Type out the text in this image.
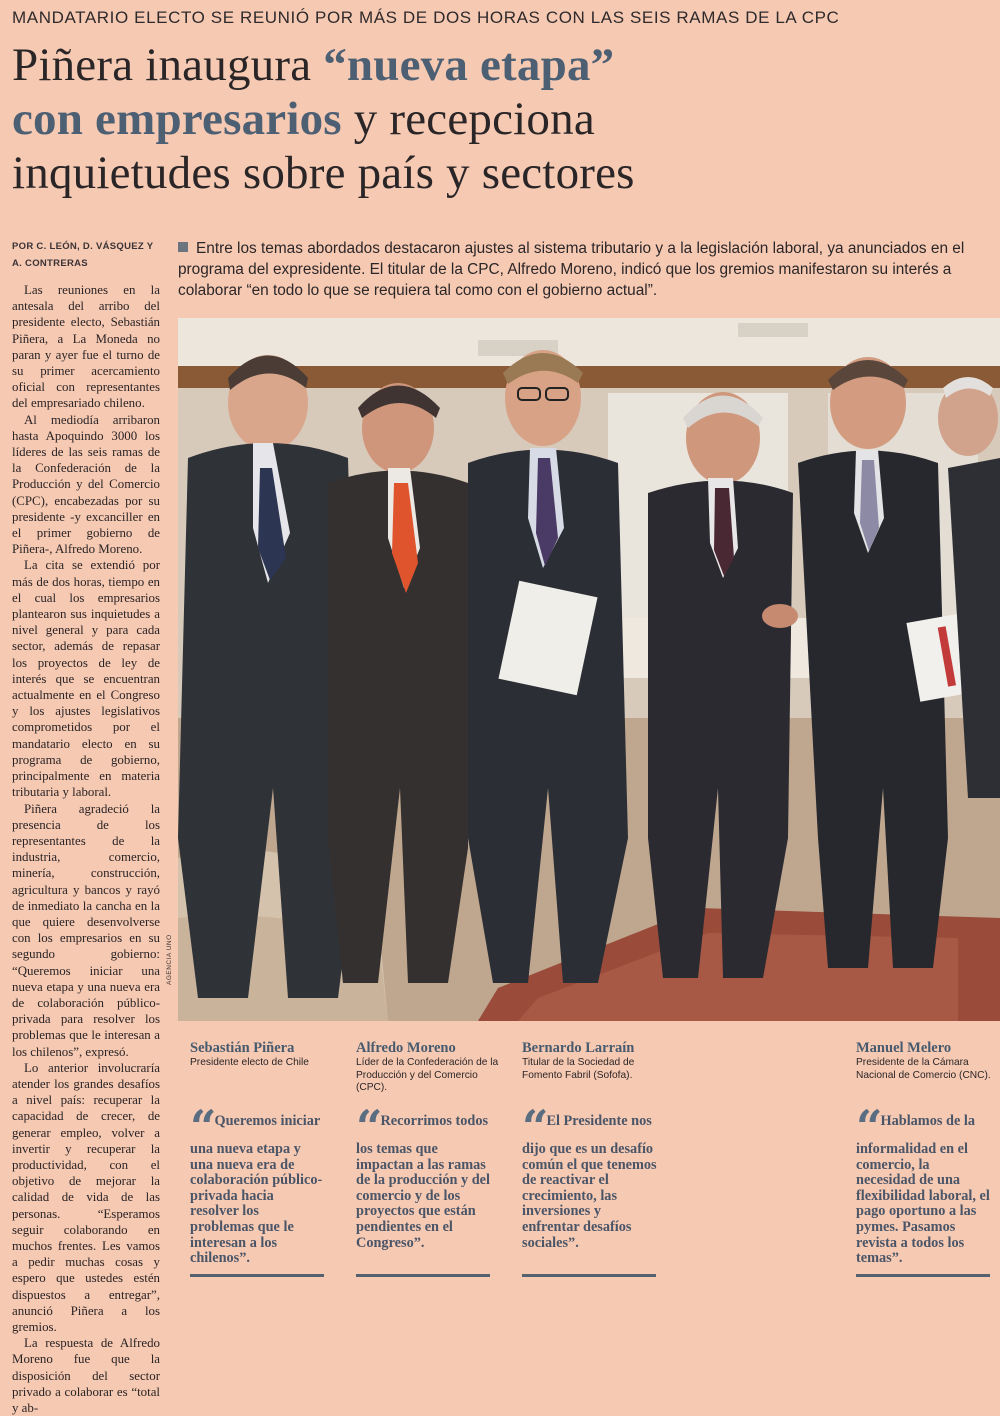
MANDATARIO ELECTO SE REUNIÓ POR MÁS DE DOS HORAS CON LAS SEIS RAMAS DE LA CPC
Piñera inaugura “nueva etapa”
con empresarios y recepciona
inquietudes sobre país y sectores
POR C. LEÓN, D. VÁSQUEZ Y
A. CONTRERAS
Entre los temas abordados destacaron ajustes al sistema tributario y a la legislación laboral, ya anunciados en el programa del expresidente. El titular de la CPC, Alfredo Moreno, indicó que los gremios manifestaron su interés a colaborar “en todo lo que se requiera tal como con el gobierno actual”.

Las reuniones en la antesala del arribo del presidente electo, Sebastián Piñera, a La Moneda no paran y ayer fue el turno de su primer acercamiento oficial con representantes del empresariado chileno.

Al mediodía arribaron hasta Apoquindo 3000 los líderes de las seis ramas de la Confederación de la Producción y del Comercio (CPC), encabezadas por su presidente -y excanciller en el primer gobierno de Piñera-, Alfredo Moreno.

La cita se extendió por más de dos horas, tiempo en el cual los empresarios plantearon sus inquietudes a nivel general y para cada sector, además de repasar los proyectos de ley de interés que se encuentran actualmente en el Congreso y los ajustes legislativos comprometidos por el mandatario electo en su programa de gobierno, principalmente en materia tributaria y laboral.

Piñera agradeció la presencia de los representantes de la industria, comercio, minería, construcción, agricultura y bancos y rayó de inmediato la cancha en la que quiere desenvolverse con los empresarios en su segundo gobierno: “Queremos iniciar una nueva etapa y una nueva era de colaboración público-privada para resolver los problemas que le interesan a los chilenos”, expresó.

Lo anterior involucraría atender los grandes desafíos a nivel país: recuperar la capacidad de crecer, de generar empleo, volver a invertir y recuperar la productividad, con el objetivo de mejorar la calidad de vida de las personas. “Esperamos seguir colaborando en muchos frentes. Les vamos a pedir muchas cosas y espero que ustedes estén dispuestos a entregar”, anunció Piñera a los gremios.

La respuesta de Alfredo Moreno fue que la disposición del sector privado a colaborar es “total y ab-

AGENCIA UNO
Sebastián Piñera
Presidente electo de Chile
Alfredo Moreno
Líder de la Confederación de la Producción y del Comercio (CPC).
Bernardo Larraín
Titular de la Sociedad de Fomento Fabril (Sofofa).
Manuel Melero
Presidente de la Cámara Nacional de Comercio (CNC).
“ Queremos iniciar una nueva etapa y una nueva era de colaboración público-privada hacia resolver los problemas que le interesan a los chilenos”.
“ Recorrimos todos los temas que impactan a las ramas de la producción y del comercio y de los proyectos que están pendientes en el Congreso”.
“ El Presidente nos dijo que es un desafío común el que tenemos de reactivar el crecimiento, las inversiones y enfrentar desafíos sociales”.
“ Hablamos de la informalidad en el comercio, la necesidad de una flexibilidad laboral, el pago oportuno a las pymes. Pasamos revista a todos los temas”.
